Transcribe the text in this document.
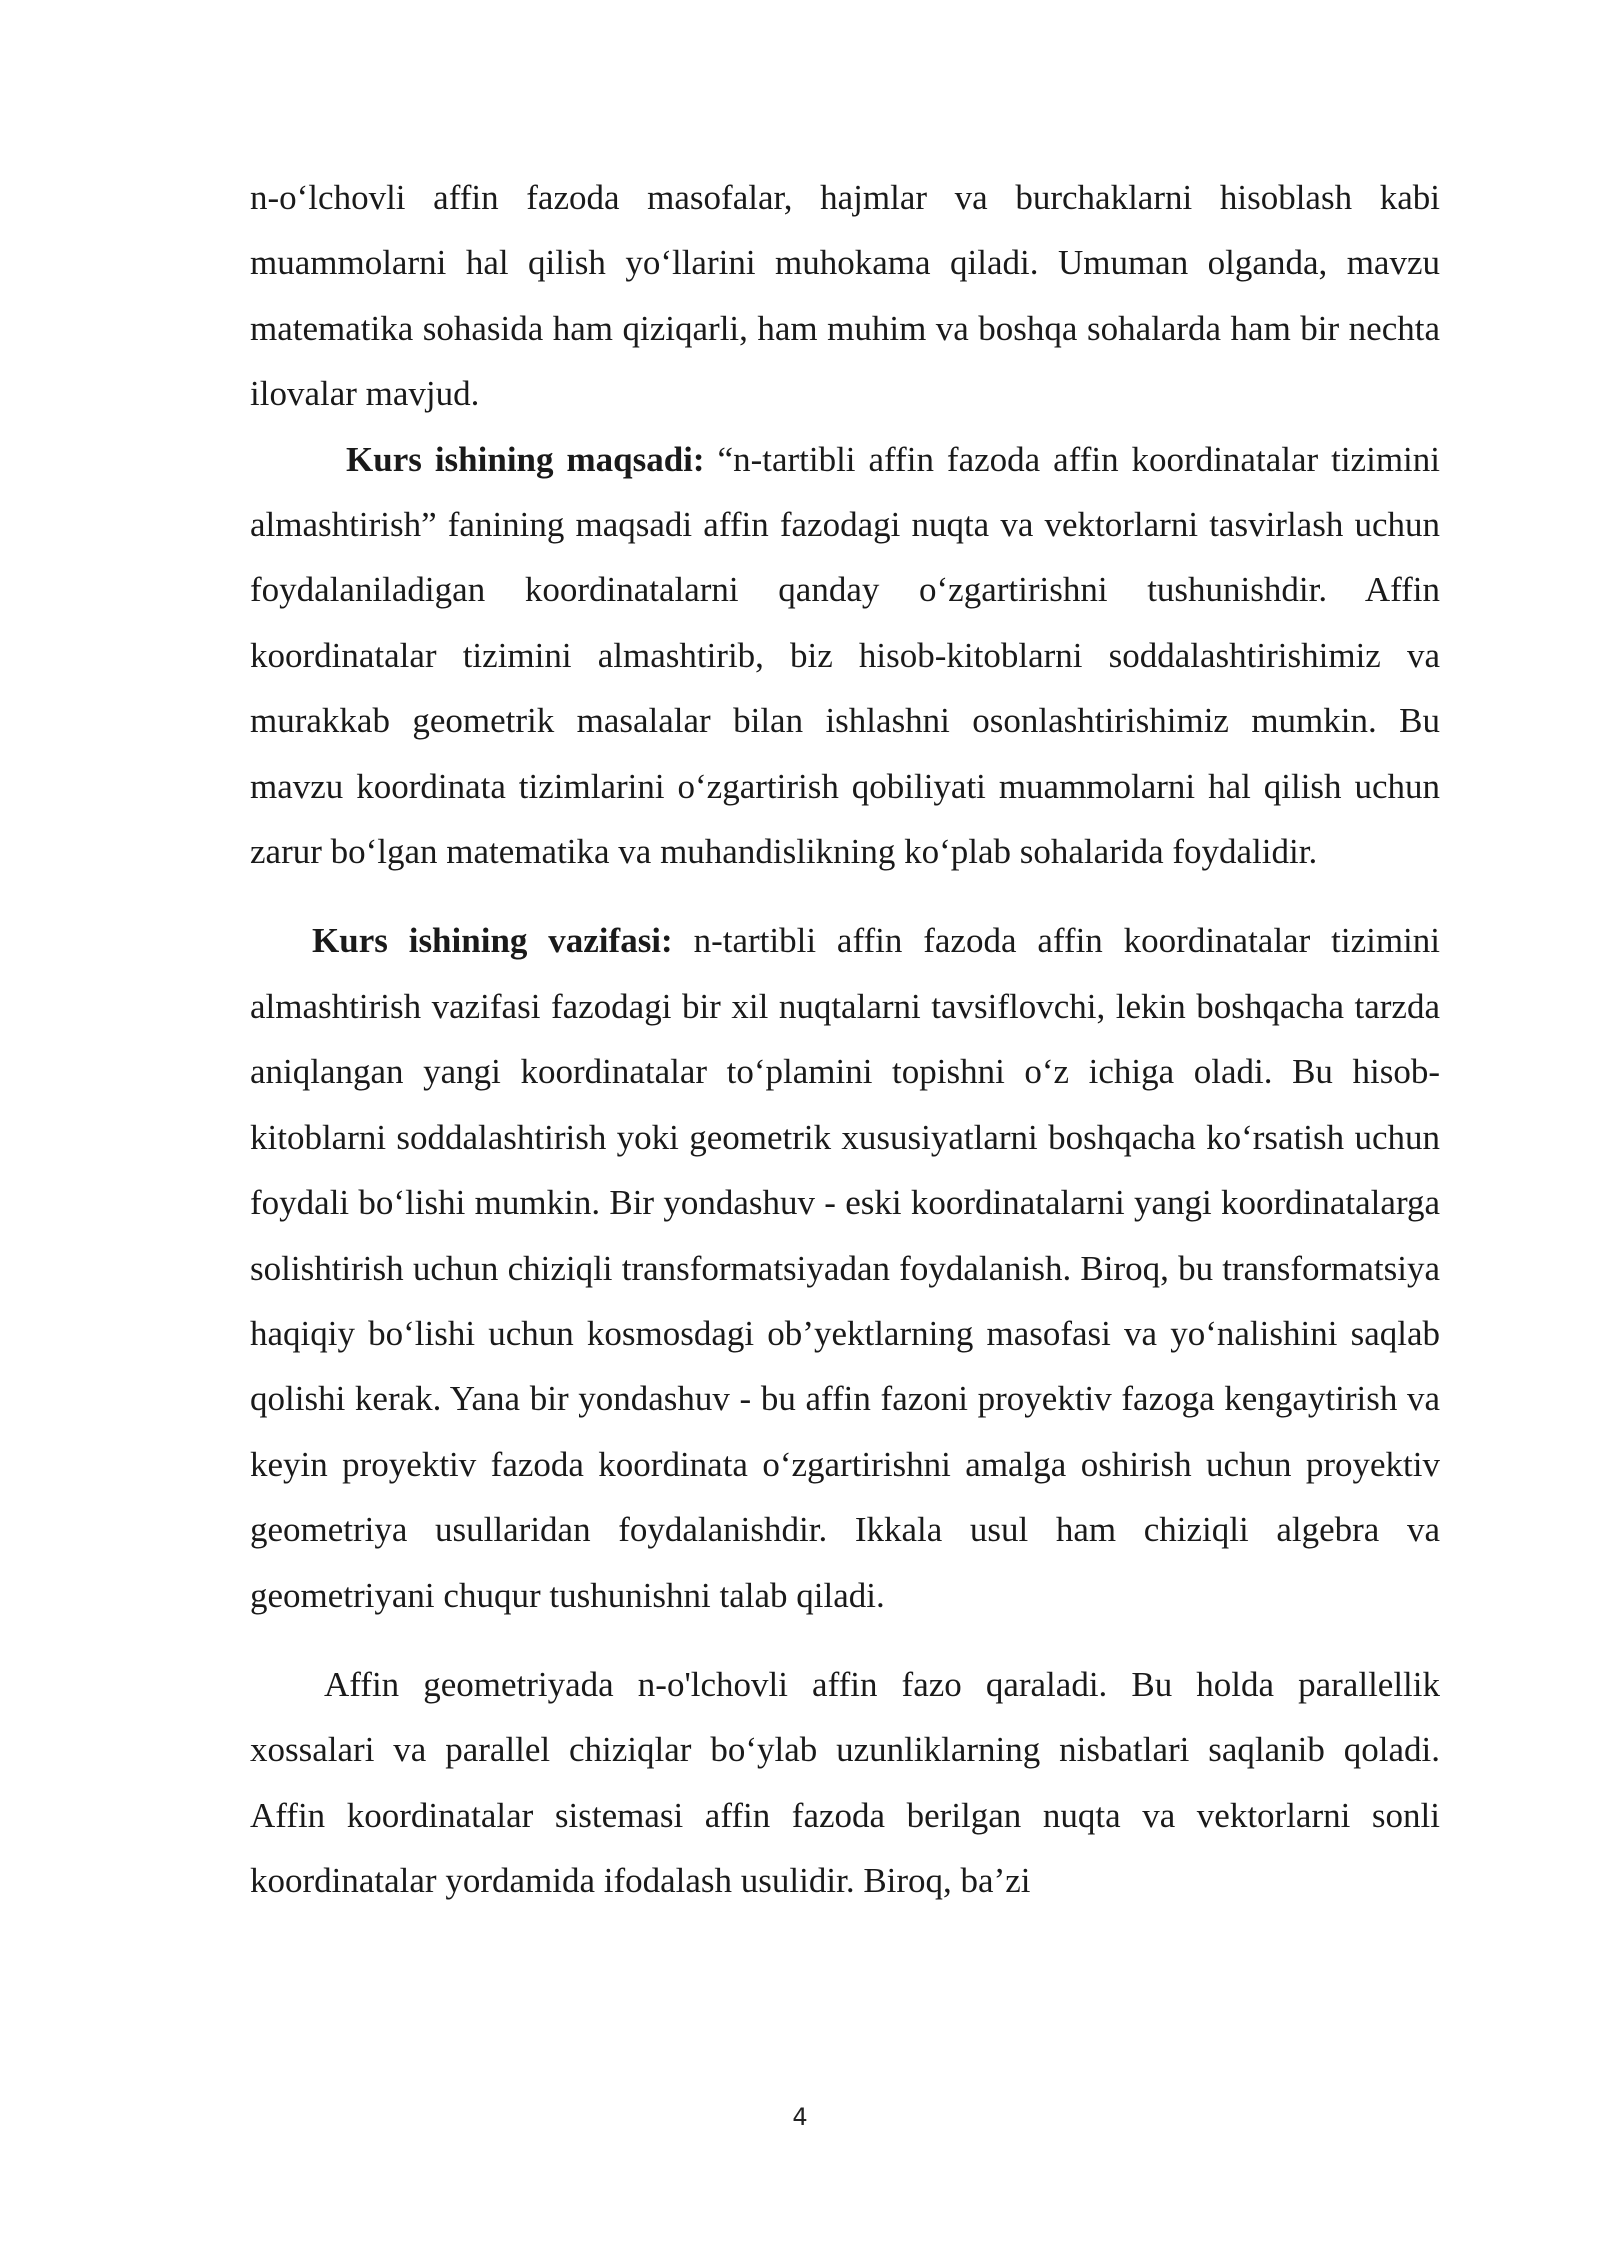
n-o‘lchovli affin fazoda masofalar, hajmlar va burchaklarni hisoblash kabi muammolarni hal qilish yo‘llarini muhokama qiladi. Umuman olganda, mavzu matematika sohasida ham qiziqarli, ham muhim va boshqa sohalarda ham bir nechta ilovalar mavjud.

Kurs ishining maqsadi: “n-tartibli affin fazoda affin koordinatalar tizimini almashtirish” fanining maqsadi affin fazodagi nuqta va vektorlarni tasvirlash uchun foydalaniladigan koordinatalarni qanday o‘zgartirishni tushunishdir. Affin koordinatalar tizimini almashtirib, biz hisob-kitoblarni soddalashtirishimiz va murakkab geometrik masalalar bilan ishlashni osonlashtirishimiz mumkin. Bu mavzu koordinata tizimlarini o‘zgartirish qobiliyati muammolarni hal qilish uchun zarur bo‘lgan matematika va muhandislikning ko‘plab sohalarida foydalidir.

Kurs ishining vazifasi: n-tartibli affin fazoda affin koordinatalar tizimini almashtirish vazifasi fazodagi bir xil nuqtalarni tavsiflovchi, lekin boshqacha tarzda aniqlangan yangi koordinatalar to‘plamini topishni o‘z ichiga oladi. Bu hisob-kitoblarni soddalashtirish yoki geometrik xususiyatlarni boshqacha ko‘rsatish uchun foydali bo‘lishi mumkin. Bir yondashuv - eski koordinatalarni yangi koordinatalarga solishtirish uchun chiziqli transformatsiyadan foydalanish. Biroq, bu transformatsiya haqiqiy bo‘lishi uchun kosmosdagi ob’yektlarning masofasi va yo‘nalishini saqlab qolishi kerak. Yana bir yondashuv - bu affin fazoni proyektiv fazoga kengaytirish va keyin proyektiv fazoda koordinata o‘zgartirishni amalga oshirish uchun proyektiv geometriya usullaridan foydalanishdir. Ikkala usul ham chiziqli algebra va geometriyani chuqur tushunishni talab qiladi.

Affin geometriyada n-o'lchovli affin fazo qaraladi. Bu holda parallellik xossalari va parallel chiziqlar bo‘ylab uzunliklarning nisbatlari saqlanib qoladi. Affin koordinatalar sistemasi affin fazoda berilgan nuqta va vektorlarni sonli koordinatalar yordamida ifodalash usulidir. Biroq, ba’zi

4
